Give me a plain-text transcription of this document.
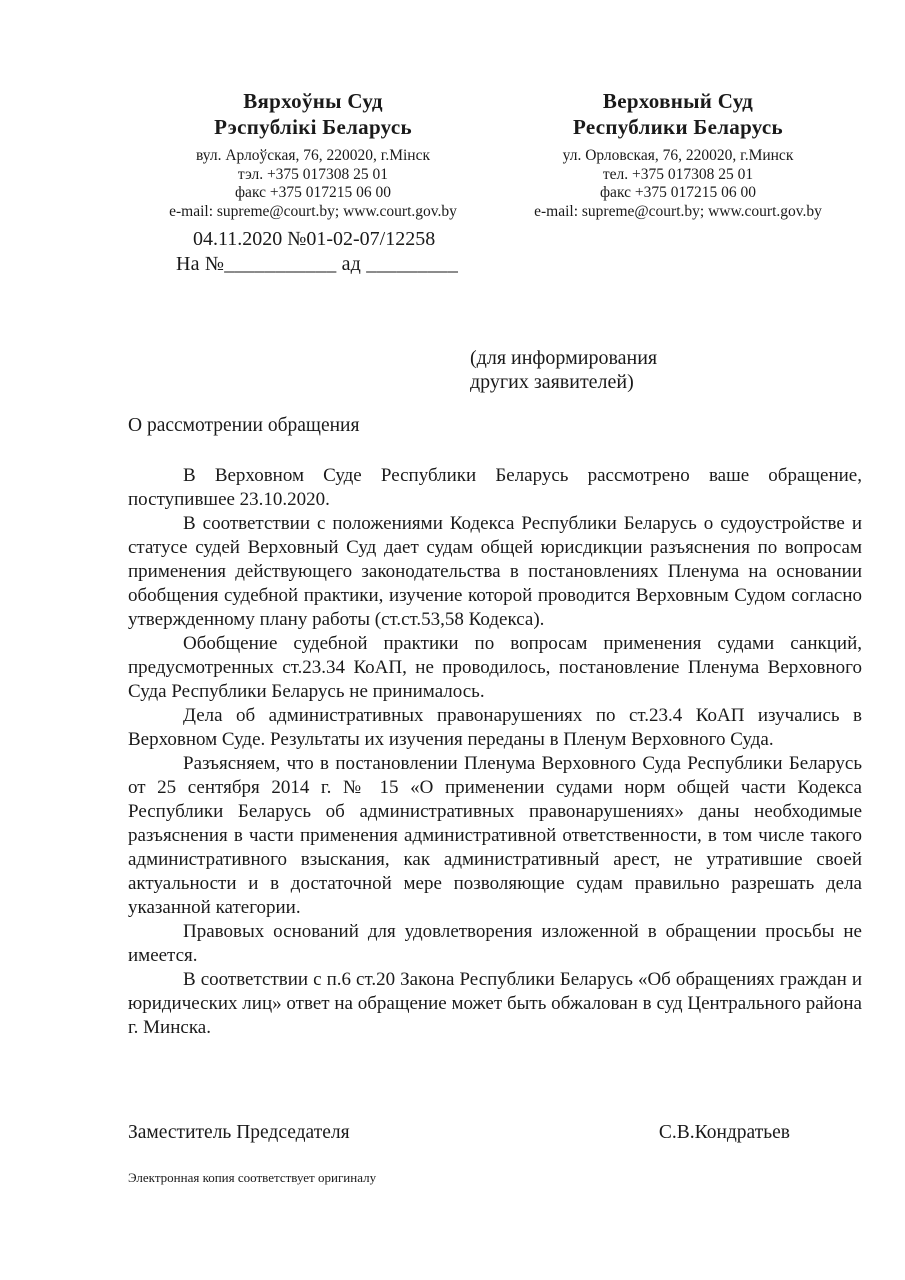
Вярхоўны Суд
Рэспублікі Беларусь
вул. Арлоўская, 76, 220020, г.Мінск
тэл. +375 017308 25 01
факс +375 017215 06 00
e-mail: supreme@court.by; www.court.gov.by
Верховный Суд
Республики Беларусь
ул. Орловская, 76, 220020, г.Минск
тел. +375 017308 25 01
факс +375 017215 06 00
e-mail: supreme@court.by; www.court.gov.by
04.11.2020 №01-02-07/12258
На №___________ ад _________
(для информирования
других заявителей)
О рассмотрении обращения

В Верховном Суде Республики Беларусь рассмотрено ваше обращение, поступившее 23.10.2020.

В соответствии с положениями Кодекса Республики Беларусь о судоустройстве и статусе судей Верховный Суд дает судам общей юрисдикции разъяснения по вопросам применения действующего законодательства в постановлениях Пленума на основании обобщения судебной практики, изучение которой проводится Верховным Судом согласно утвержденному плану работы (ст.ст.53,58 Кодекса).

Обобщение судебной практики по вопросам применения судами санкций, предусмотренных ст.23.34 КоАП, не проводилось, постановление Пленума Верховного Суда Республики Беларусь не принималось.

Дела об административных правонарушениях по ст.23.4 КоАП изучались в Верховном Суде. Результаты их изучения переданы в Пленум Верховного Суда.

Разъясняем, что в постановлении Пленума Верховного Суда Республики Беларусь от 25 сентября 2014 г. № 15 «О применении судами норм общей части Кодекса Республики Беларусь об административных правонарушениях» даны необходимые разъяснения в части применения административной ответственности, в том числе такого административного взыскания, как административный арест, не утратившие своей актуальности и в достаточной мере позволяющие судам правильно разрешать дела указанной категории.

Правовых оснований для удовлетворения изложенной в обращении просьбы не имеется.

В соответствии с п.6 ст.20 Закона Республики Беларусь «Об обращениях граждан и юридических лиц» ответ на обращение может быть обжалован в суд Центрального района г. Минска.

Заместитель Председателя	С.В.Кондратьев
Электронная копия соответствует оригиналу
